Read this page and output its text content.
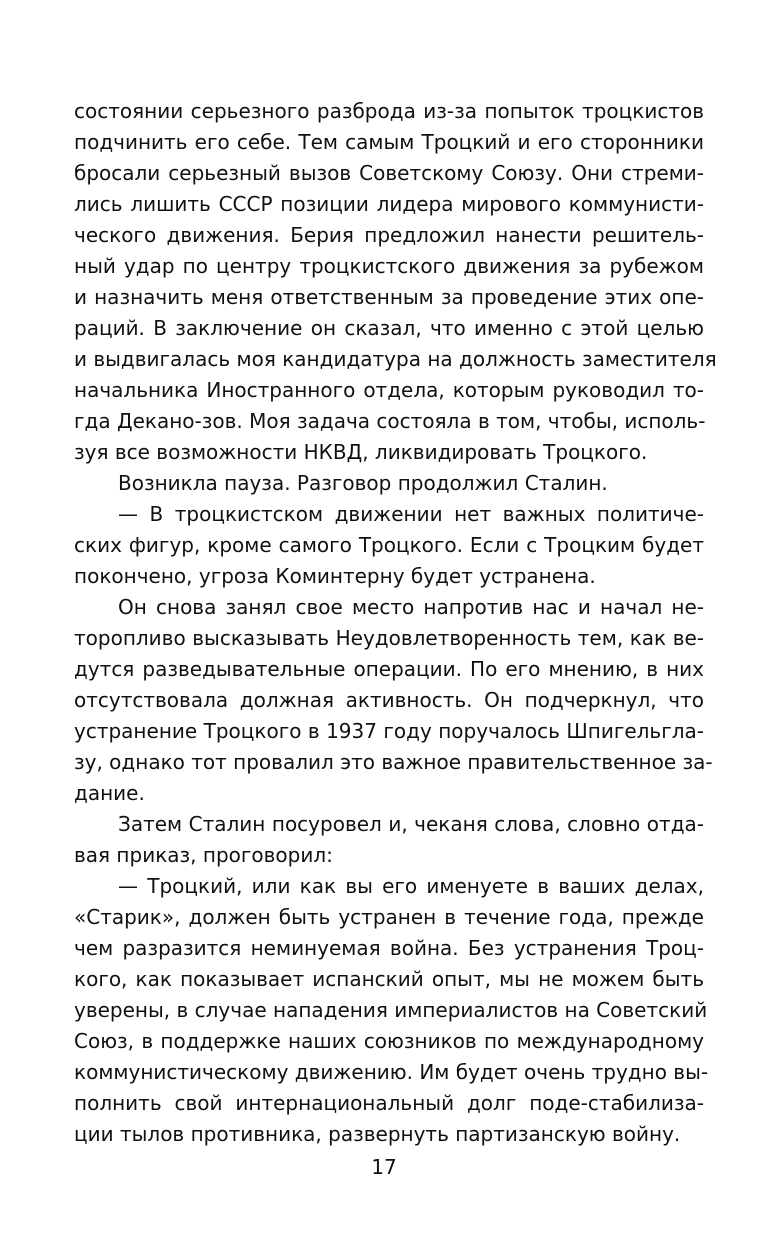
состоянии серьезного разброда из-за попыток троцкистов
подчинить его себе. Тем самым Троцкий и его сторонники
бросали серьезный вызов Советскому Союзу. Они стреми-
лись лишить СССР позиции лидера мирового коммунисти-
ческого движения. Берия предложил нанести решитель-
ный удар по центру троцкистского движения за рубежом
и назначить меня ответственным за проведение этих опе-
раций. В заключение он сказал, что именно с этой целью
и выдвигалась моя кандидатура на должность заместителя
начальника Иностранного отдела, которым руководил то-
гда Декано-зов. Моя задача состояла в том, чтобы, исполь-
зуя все возможности НКВД, ликвидировать Троцкого.
Возникла пауза. Разговор продолжил Сталин.
— В троцкистском движении нет важных политиче-
ских фигур, кроме самого Троцкого. Если с Троцким будет
покончено, угроза Коминтерну будет устранена.
Он снова занял свое место напротив нас и начал не-
торопливо высказывать Неудовлетворенность тем, как ве-
дутся разведывательные операции. По его мнению, в них
отсутствовала должная активность. Он подчеркнул, что
устранение Троцкого в 1937 году поручалось Шпигельгла-
зу, однако тот провалил это важное правительственное за-
дание.
Затем Сталин посуровел и, чеканя слова, словно отда-
вая приказ, проговорил:
— Троцкий, или как вы его именуете в ваших делах,
«Старик», должен быть устранен в течение года, прежде
чем разразится неминуемая война. Без устранения Троц-
кого, как показывает испанский опыт, мы не можем быть
уверены, в случае нападения империалистов на Советский
Союз, в поддержке наших союзников по международному
коммунистическому движению. Им будет очень трудно вы-
полнить свой интернациональный долг поде-стабилиза-
ции тылов противника, развернуть партизанскую войну.
17
